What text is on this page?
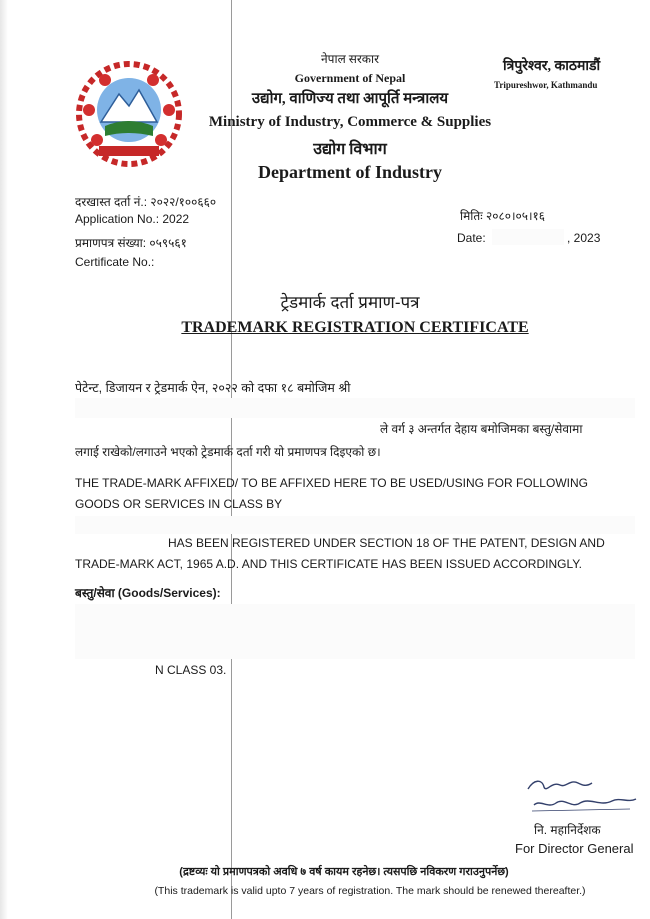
नेपाल सरकार
Government of Nepal
उद्योग, वाणिज्य तथा आपूर्ति मन्त्रालय
Ministry of Industry, Commerce & Supplies
उद्योग विभाग
Department of Industry
त्रिपुरेश्वर, काठमाडौं
Tripureshwor, Kathmandu
दरखास्त दर्ता नं.: २०२२/१००६६०
Application No.: 2022
प्रमाणपत्र संख्या: ०५९५६१
Certificate No.:
मितिः २०८०।०५।१६
Date:	, 2023
ट्रेडमार्क दर्ता प्रमाण-पत्र
TRADEMARK REGISTRATION CERTIFICATE
पेटेन्ट, डिजायन र ट्रेडमार्क ऐन, २०२२ को दफा १८ बमोजिम श्री
ले वर्ग ३ अन्तर्गत देहाय बमोजिमका बस्तु/सेवामा
लगाई राखेको/लगाउने भएको ट्रेडमार्क दर्ता गरी यो प्रमाणपत्र दिइएको छ।
THE TRADE-MARK AFFIXED/ TO BE AFFIXED HERE TO BE USED/USING FOR FOLLOWING
GOODS OR SERVICES IN CLASS BY
HAS BEEN REGISTERED UNDER SECTION 18 OF THE PATENT, DESIGN AND
TRADE-MARK ACT, 1965 A.D. AND THIS CERTIFICATE HAS BEEN ISSUED ACCORDINGLY.
बस्तु/सेवा (Goods/Services):
N CLASS 03.
नि. महानिर्देशक
For Director General
(द्रष्टव्यः यो प्रमाणपत्रको अवधि ७ वर्ष कायम रहनेछ। त्यसपछि नविकरण गराउनुपर्नेछ)
(This trademark is valid upto 7 years of registration. The mark should be renewed thereafter.)
